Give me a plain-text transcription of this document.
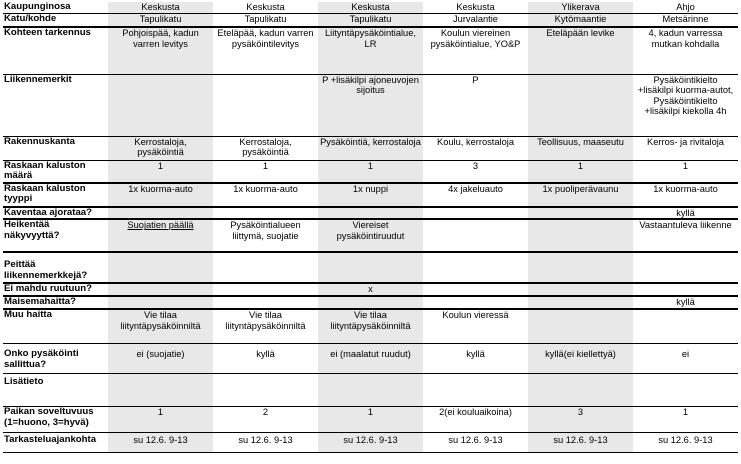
Kaupunginosa	Keskusta	Keskusta	Keskusta	Keskusta	Ylikerava	Ahjo
Katu/kohde	Tapulikatu	Tapulikatu	Tapulikatu	Jurvalantie	Kytömaantie	Metsärinne
Kohteen tarkennus	Pohjoispää, kadun varren levitys	Eteläpää, kadun varren pysäköintilevitys	Liityntäpysäköintialue, LR	Koulun viereinen pysäköintialue, YO&P	Eteläpään levike	4, kadun varressa mutkan kohdalla
Liikennemerkit			P +lisäkilpi ajoneuvojen sijoitus	P		Pysäköintikielto +lisäkilpi kuorma-autot, Pysäköintikielto +lisäkilpi kiekolla 4h
Rakennuskanta	Kerrostaloja, pysäköintiä	Kerrostaloja, pysäköintiä	Pysäköintiä, kerrostaloja	Koulu, kerrostaloja	Teollisuus, maaseutu	Kerros- ja rivitaloja
Raskaan kaluston määrä	1	1	1	3	1	1
Raskaan kaluston tyyppi	1x kuorma-auto	1x kuorma-auto	1x nuppi	4x jakeluauto	1x puoliperävaunu	1x kuorma-auto
Kaventaa ajorataa?						kyllä
Heikentää näkyvyyttä?	Suojatien päällä	Pysäköintialueen liittymä, suojatie	Viereiset pysäköintiruudut			Vastaantuleva liikenne
Peittää liikennemerkkejä?						
Ei mahdu ruutuun?			x			
Maisemahaitta?						kyllä
Muu haitta	Vie tilaa liityntäpysäköinniltä	Vie tilaa liityntäpysäköinniltä	Vie tilaa liityntäpysäköinniltä	Koulun vieressä		
Onko pysäköinti sallittua?	ei (suojatie)	kyllä	ei (maalatut ruudut)	kyllä	kyllä(ei kiellettyä)	ei
Lisätieto						
Paikan soveltuvuus (1=huono, 3=hyvä)	1	2	1	2(ei kouluaikoina)	3	1
Tarkasteluajankohta	su 12.6. 9-13	su 12.6. 9-13	su 12.6. 9-13	su 12.6. 9-13	su 12.6. 9-13	su 12.6. 9-13
